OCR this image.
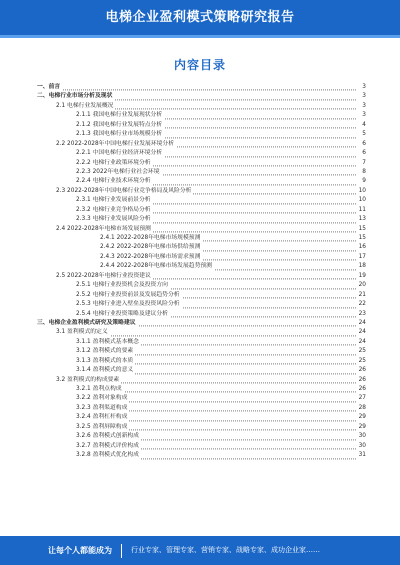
电梯企业盈利模式策略研究报告
内容目录
一、前言	3
二、电梯行业市场分析及现状	3
2.1 电梯行业发展概况	3
2.1.1 我国电梯行业发展现状分析	3
2.1.2 我国电梯行业发展特点分析	4
2.1.3 我国电梯行业市场规模分析	5
2.2 2022-2028年中国电梯行业发展环境分析	6
2.2.1 中国电梯行业经济环境分析	6
2.2.2 电梯行业政策环境分析	7
2.2.3 2022年电梯行业社会环境	8
2.2.4 电梯行业技术环境分析	9
2.3 2022-2028年中国电梯行业竞争格局及风险分析	10
2.3.1 电梯行业发展前景分析	10
2.3.2 电梯行业竞争格局分析	11
2.3.3 电梯行业发展风险分析	13
2.4 2022-2028年电梯市场发展预测	15
2.4.1 2022-2028年电梯市场规模预测	15
2.4.2 2022-2028年电梯市场供给预测	16
2.4.3 2022-2028年电梯市场需求预测	17
2.4.4 2022-2028年电梯市场发展趋势预测	18
2.5 2022-2028年电梯行业投资建议	19
2.5.1 电梯行业投资机会及投资方向	20
2.5.2 电梯行业投资前景及发展趋势分析	21
2.5.3 电梯行业进入壁垒及投资风险分析	22
2.5.4 电梯行业投资策略及建议分析	23
三、电梯企业盈利模式研究及策略建议	24
3.1 盈利模式的定义	24
3.1.1 盈利模式基本概念	24
3.1.2 盈利模式的要素	25
3.1.3 盈利模式的本质	25
3.1.4 盈利模式的意义	26
3.2 盈利模式的构成要素	26
3.2.1 盈利点构成	26
3.2.2 盈利对象构成	27
3.2.3 盈利渠道构成	28
3.2.4 盈利杠杆构成	29
3.2.5 盈利屏障构成	29
3.2.6 盈利模式创新构成	30
3.2.7 盈利模式评价构成	30
3.2.8 盈利模式优化构成	31
让每个人都能成为	行业专家、管理专家、营销专家、战略专家、成功企业家……
